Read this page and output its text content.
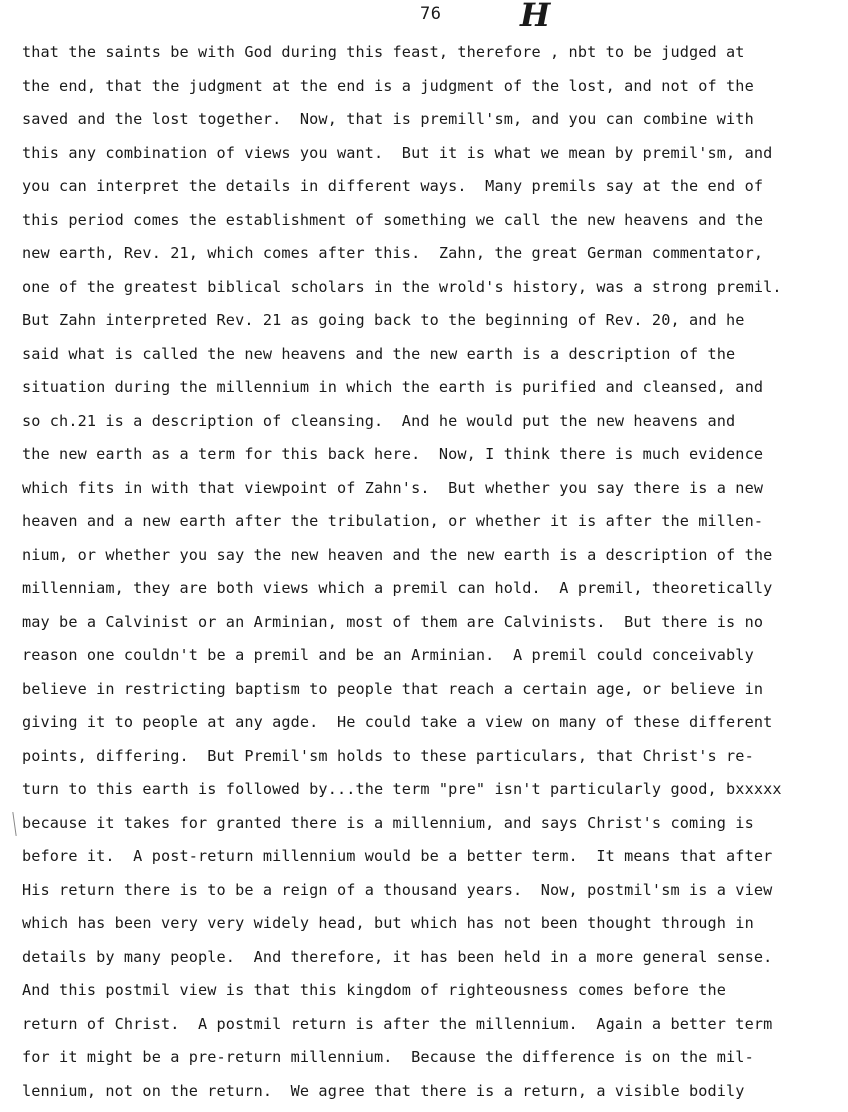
76 H
that the saints be with God during this feast, therefore , nbt to be judged at
the end, that the judgment at the end is a judgment of the lost, and not of the
saved and the lost together.  Now, that is premill'sm, and you can combine with
this any combination of views you want.  But it is what we mean by premil'sm, and
you can interpret the details in different ways.  Many premils say at the end of
this period comes the establishment of something we call the new heavens and the
new earth, Rev. 21, which comes after this.  Zahn, the great German commentator,
one of the greatest biblical scholars in the wrold's history, was a strong premil.
But Zahn interpreted Rev. 21 as going back to the beginning of Rev. 20, and he
said what is called the new heavens and the new earth is a description of the
situation during the millennium in which the earth is purified and cleansed, and
so ch.21 is a description of cleansing.  And he would put the new heavens and
the new earth as a term for this back here.  Now, I think there is much evidence
which fits in with that viewpoint of Zahn's.  But whether you say there is a new
heaven and a new earth after the tribulation, or whether it is after the millen-
nium, or whether you say the new heaven and the new earth is a description of the
millenniam, they are both views which a premil can hold.  A premil, theoretically
may be a Calvinist or an Arminian, most of them are Calvinists.  But there is no
reason one couldn't be a premil and be an Arminian.  A premil could conceivably
believe in restricting baptism to people that reach a certain age, or believe in
giving it to people at any agde.  He could take a view on many of these different
points, differing.  But Premil'sm holds to these particulars, that Christ's re-
turn to this earth is followed by...the term "pre" isn't particularly good, bxxxxx
because it takes for granted there is a millennium, and says Christ's coming is
before it.  A post-return millennium would be a better term.  It means that after
His return there is to be a reign of a thousand years.  Now, postmil'sm is a view
which has been very very widely head, but which has not been thought through in
details by many people.  And therefore, it has been held in a more general sense.
And this postmil view is that this kingdom of righteousness comes before the
return of Christ.  A postmil return is after the millennium.  Again a better term
for it might be a pre-return millennium.  Because the difference is on the mil-
lennium, not on the return.  We agree that there is a return, a visible bodily
